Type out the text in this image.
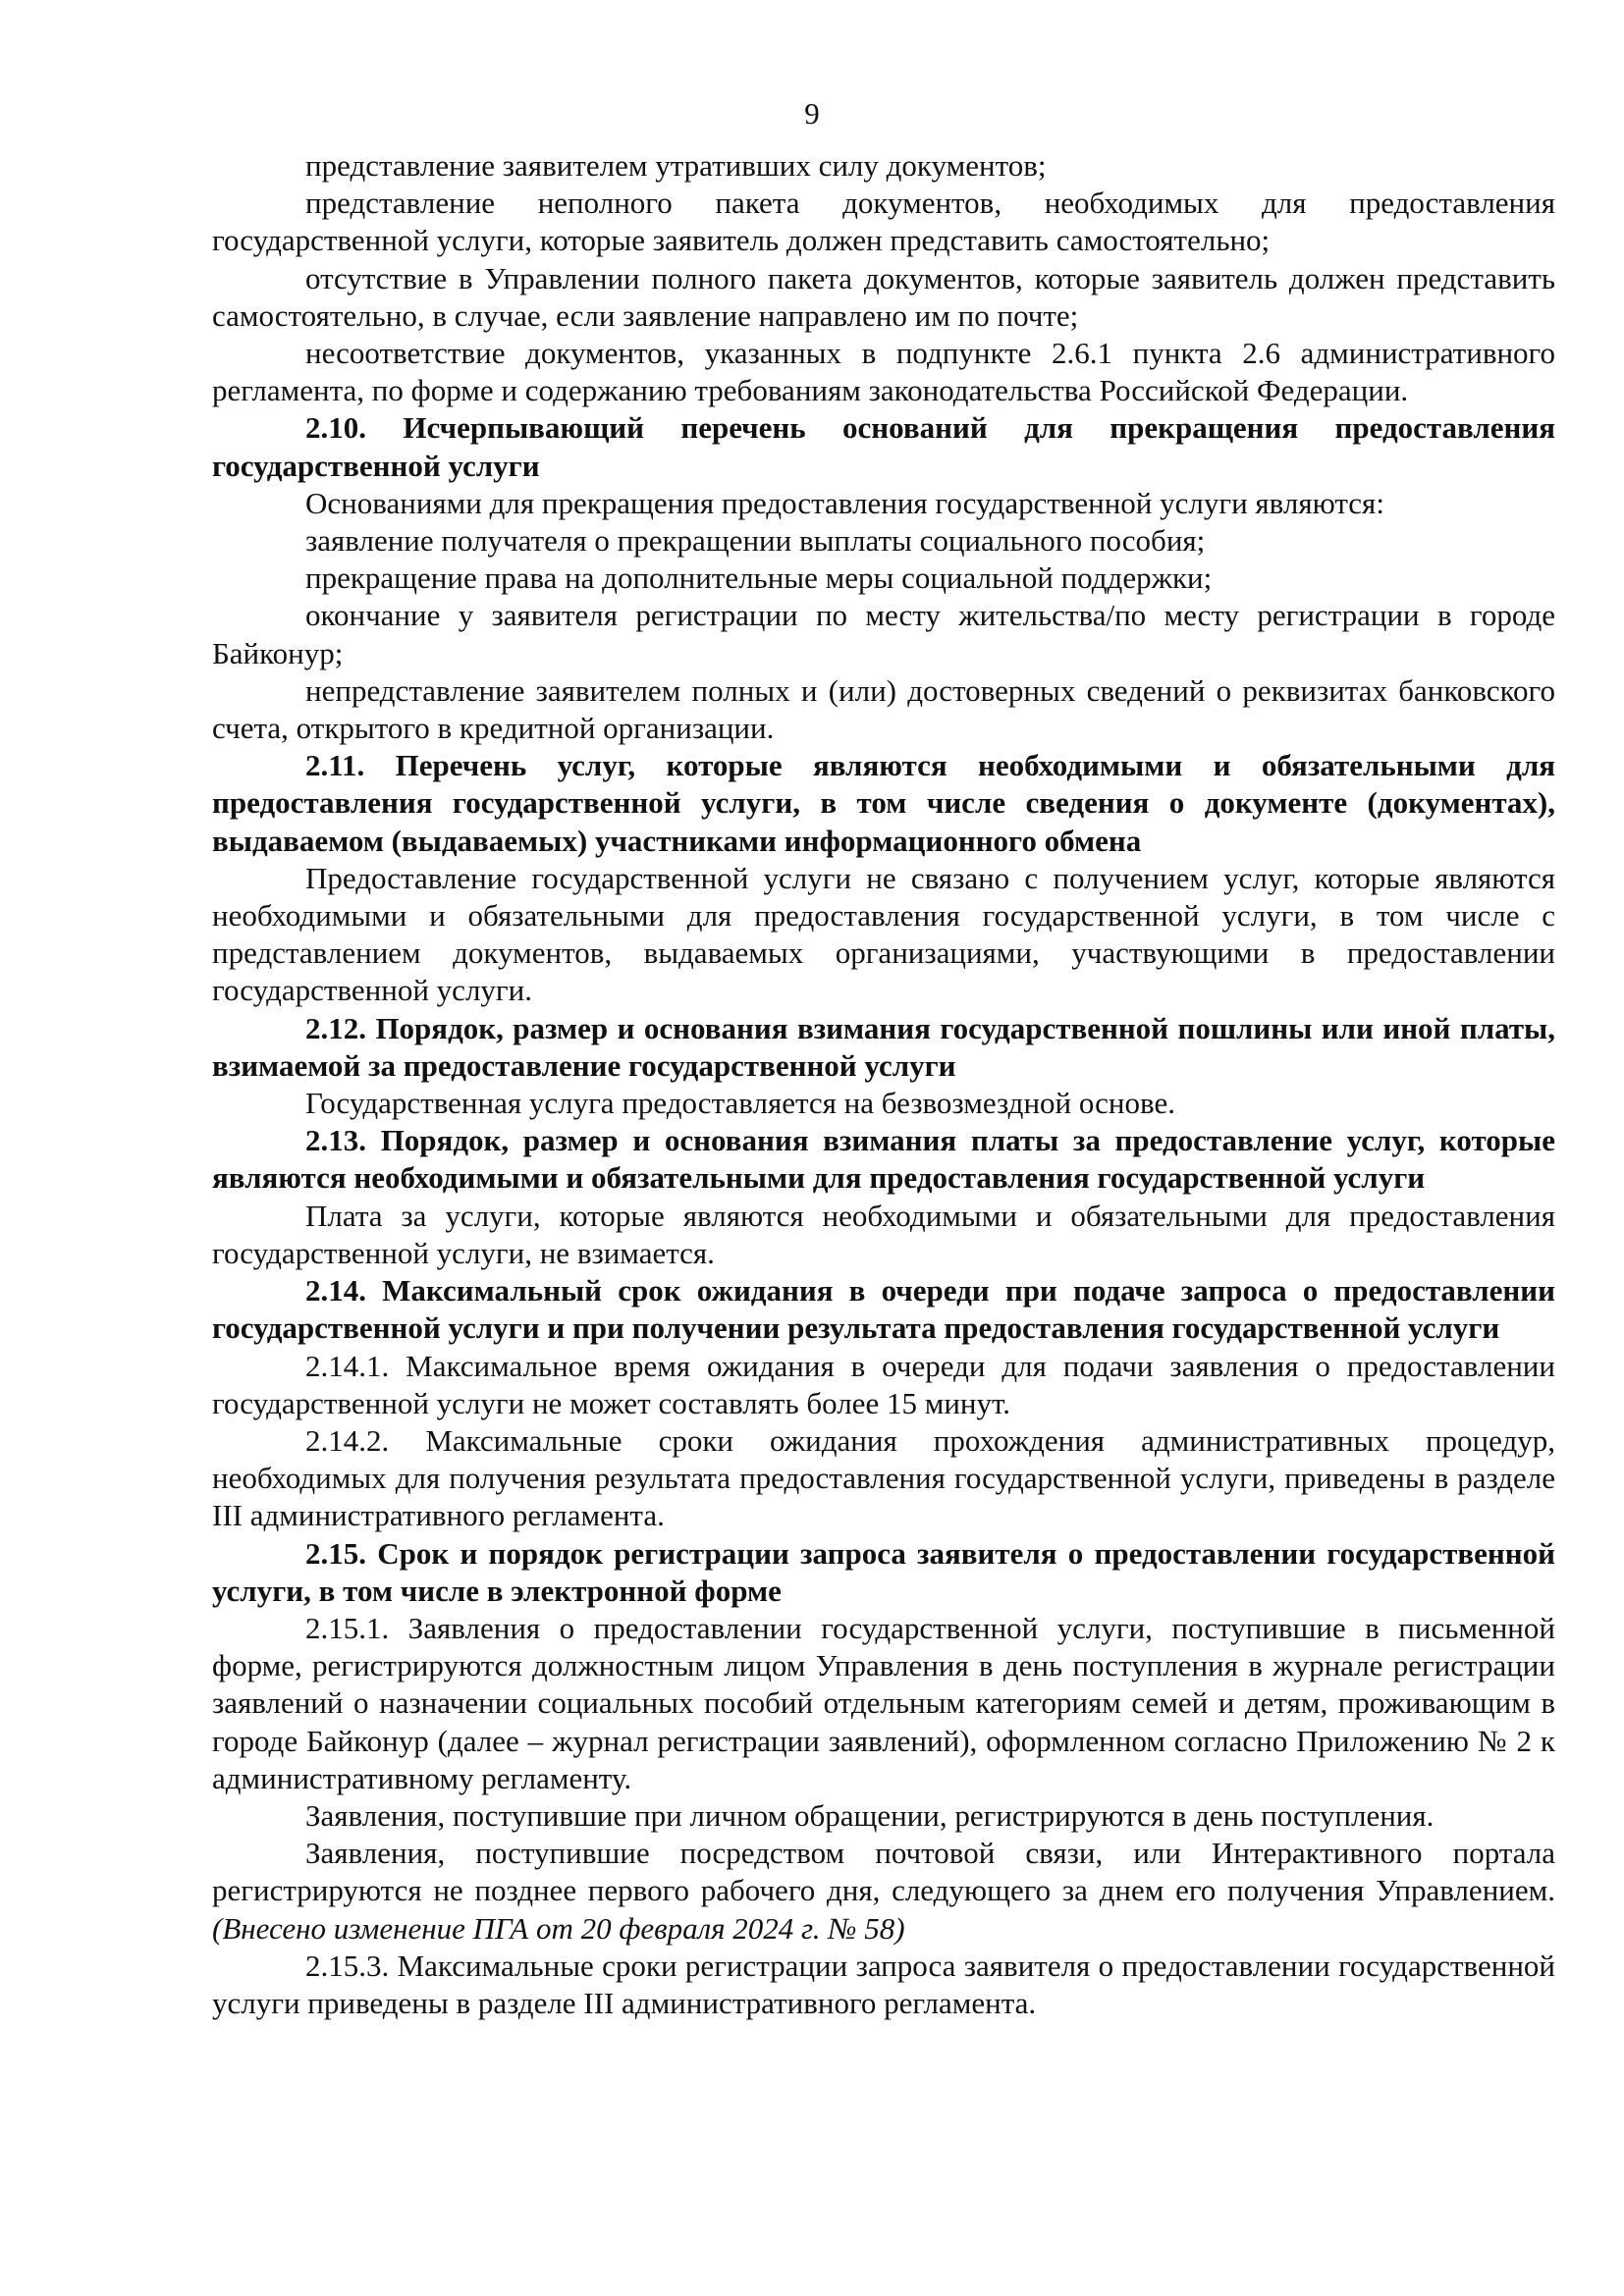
9

представление заявителем утративших силу документов;

представление неполного пакета документов, необходимых для предоставления государственной услуги, которые заявитель должен представить самостоятельно;

отсутствие в Управлении полного пакета документов, которые заявитель должен представить самостоятельно, в случае, если заявление направлено им по почте;

несоответствие документов, указанных в подпункте 2.6.1 пункта 2.6 административного регламента, по форме и содержанию требованиям законодательства Российской Федерации.

2.10. Исчерпывающий перечень оснований для прекращения предоставления государственной услуги

Основаниями для прекращения предоставления государственной услуги являются:

заявление получателя о прекращении выплаты социального пособия;

прекращение права на дополнительные меры социальной поддержки;

окончание у заявителя регистрации по месту жительства/по месту регистрации в городе Байконур;

непредставление заявителем полных и (или) достоверных сведений о реквизитах банковского счета, открытого в кредитной организации.

2.11. Перечень услуг, которые являются необходимыми и обязательными для предоставления государственной услуги, в том числе сведения о документе (документах), выдаваемом (выдаваемых) участниками информационного обмена

Предоставление государственной услуги не связано с получением услуг, которые являются необходимыми и обязательными для предоставления государственной услуги, в том числе с представлением документов, выдаваемых организациями, участвующими в предоставлении государственной услуги.

2.12. Порядок, размер и основания взимания государственной пошлины или иной платы, взимаемой за предоставление государственной услуги

Государственная услуга предоставляется на безвозмездной основе.

2.13. Порядок, размер и основания взимания платы за предоставление услуг, которые являются необходимыми и обязательными для предоставления государственной услуги

Плата за услуги, которые являются необходимыми и обязательными для предоставления государственной услуги, не взимается.

2.14. Максимальный срок ожидания в очереди при подаче запроса о предоставлении государственной услуги и при получении результата предоставления государственной услуги

2.14.1. Максимальное время ожидания в очереди для подачи заявления о предоставлении государственной услуги не может составлять более 15 минут.

2.14.2. Максимальные сроки ожидания прохождения административных процедур, необходимых для получения результата предоставления государственной услуги, приведены в разделе III административного регламента.

2.15. Срок и порядок регистрации запроса заявителя о предоставлении государственной услуги, в том числе в электронной форме

2.15.1. Заявления о предоставлении государственной услуги, поступившие в письменной форме, регистрируются должностным лицом Управления в день поступления в журнале регистрации заявлений о назначении социальных пособий отдельным категориям семей и детям, проживающим в городе Байконур (далее – журнал регистрации заявлений), оформленном согласно Приложению № 2 к административному регламенту.

Заявления, поступившие при личном обращении, регистрируются в день поступления.

Заявления, поступившие посредством почтовой связи, или Интерактивного портала регистрируются не позднее первого рабочего дня, следующего за днем его получения Управлением. (Внесено изменение ПГА от 20 февраля 2024 г. № 58)

2.15.3. Максимальные сроки регистрации запроса заявителя о предоставлении государственной услуги приведены в разделе III административного регламента.
